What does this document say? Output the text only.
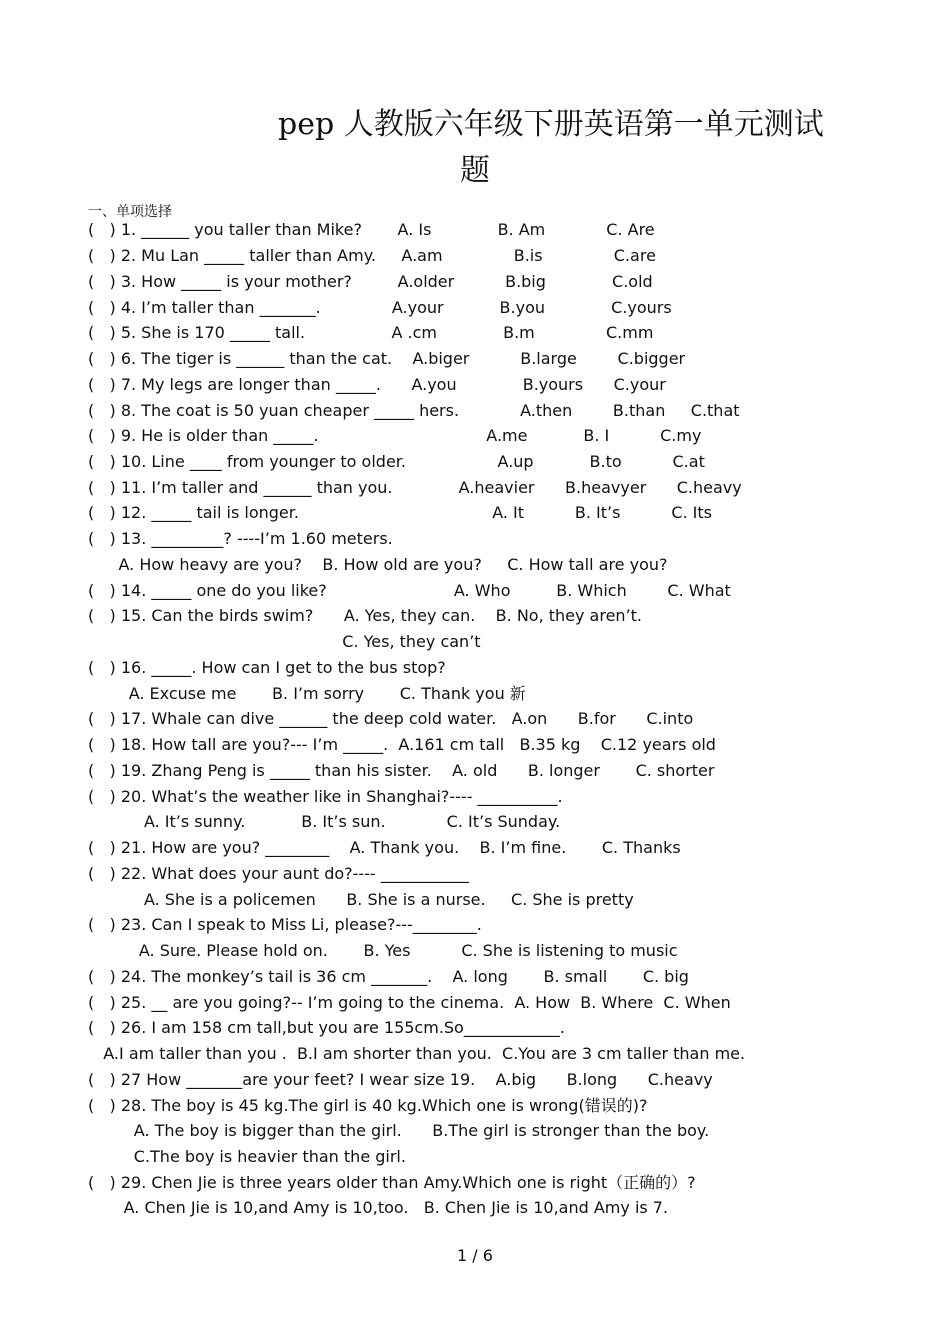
pep 人教版六年级下册英语第一单元测试
题
一、单项选择
(   ) 1. ______ you taller than Mike?       A. Is             B. Am            C. Are
(   ) 2. Mu Lan _____ taller than Amy.     A.am              B.is              C.are
(   ) 3. How _____ is your mother?         A.older          B.big             C.old
(   ) 4. I’m taller than _______.              A.your           B.you             C.yours
(   ) 5. She is 170 _____ tall.                 A .cm             B.m              C.mm
(   ) 6. The tiger is ______ than the cat.    A.biger          B.large        C.bigger
(   ) 7. My legs are longer than _____.      A.you             B.yours      C.your
(   ) 8. The coat is 50 yuan cheaper _____ hers.            A.then        B.than     C.that
(   ) 9. He is older than _____.                                 A.me           B. I          C.my
(   ) 10. Line ____ from younger to older.                  A.up           B.to          C.at
(   ) 11. I’m taller and ______ than you.             A.heavier      B.heavyer      C.heavy
(   ) 12. _____ tail is longer.                                      A. It          B. It’s          C. Its
(   ) 13. _________? ----I’m 1.60 meters.
A. How heavy are you?    B. How old are you?     C. How tall are you?
(   ) 14. _____ one do you like?                         A. Who         B. Which        C. What
(   ) 15. Can the birds swim?      A. Yes, they can.    B. No, they aren’t.
C. Yes, they can’t
(   ) 16. _____. How can I get to the bus stop?
A. Excuse me       B. I’m sorry       C. Thank you 新
(   ) 17. Whale can dive ______ the deep cold water.   A.on      B.for      C.into
(   ) 18. How tall are you?--- I’m _____.  A.161 cm tall   B.35 kg    C.12 years old
(   ) 19. Zhang Peng is _____ than his sister.    A. old      B. longer       C. shorter
(   ) 20. What’s the weather like in Shanghai?---- __________.
A. It’s sunny.           B. It’s sun.            C. It’s Sunday.
(   ) 21. How are you? ________    A. Thank you.    B. I’m fine.       C. Thanks
(   ) 22. What does your aunt do?---- ___________
A. She is a policemen      B. She is a nurse.     C. She is pretty
(   ) 23. Can I speak to Miss Li, please?---________.
A. Sure. Please hold on.       B. Yes          C. She is listening to music
(   ) 24. The monkey’s tail is 36 cm _______.    A. long       B. small       C. big
(   ) 25. __ are you going?-- I’m going to the cinema.  A. How  B. Where  C. When
(   ) 26. I am 158 cm tall,but you are 155cm.So____________.
A.I am taller than you .  B.I am shorter than you.  C.You are 3 cm taller than me.
(   ) 27 How _______are your feet? I wear size 19.    A.big      B.long      C.heavy
(   ) 28. The boy is 45 kg.The girl is 40 kg.Which one is wrong(错误的)?
A. The boy is bigger than the girl.      B.The girl is stronger than the boy.
C.The boy is heavier than the girl.
(   ) 29. Chen Jie is three years older than Amy.Which one is right（正确的）?
A. Chen Jie is 10,and Amy is 10,too.   B. Chen Jie is 10,and Amy is 7.
1 / 6
